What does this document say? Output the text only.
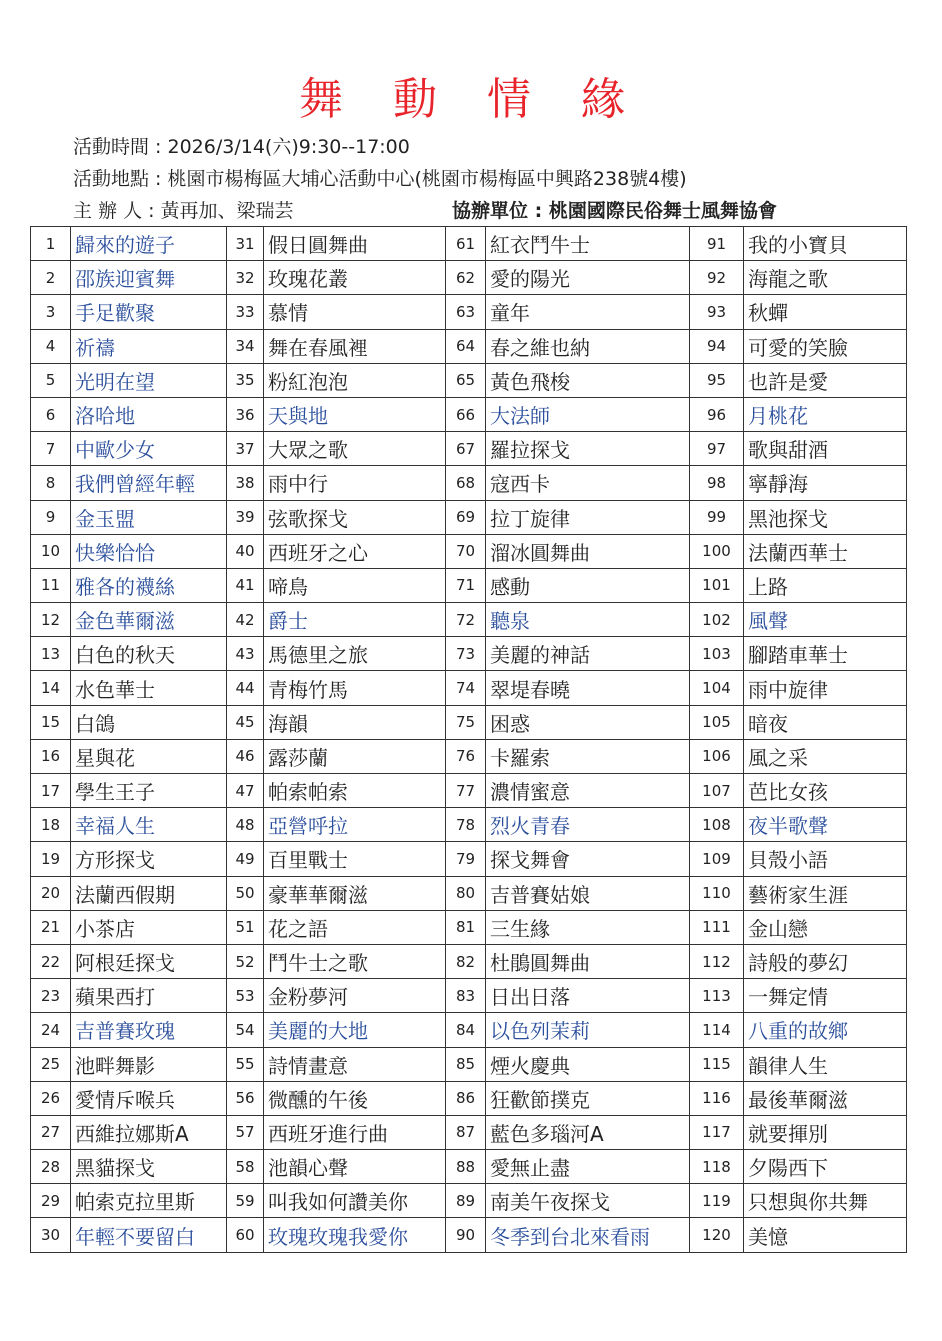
舞 動 情 緣
活動時間 : 2026/3/14(六)9:30--17:00
活動地點 : 桃園市楊梅區大埔心活動中心(桃園市楊梅區中興路238號4樓)
主 辦 人 : 黃再加、梁瑞芸	協辦單位 : 桃園國際民俗舞士風舞協會
1	歸來的遊子	31	假日圓舞曲	61	紅衣鬥牛士	91	我的小寶貝
2	邵族迎賓舞	32	玫瑰花叢	62	愛的陽光	92	海龍之歌
3	手足歡聚	33	慕情	63	童年	93	秋蟬
4	祈禱	34	舞在春風裡	64	春之維也納	94	可愛的笑臉
5	光明在望	35	粉紅泡泡	65	黃色飛梭	95	也許是愛
6	洛哈地	36	天與地	66	大法師	96	月桃花
7	中歐少女	37	大眾之歌	67	羅拉探戈	97	歌與甜酒
8	我們曾經年輕	38	雨中行	68	寇西卡	98	寧靜海
9	金玉盟	39	弦歌探戈	69	拉丁旋律	99	黑池探戈
10	快樂恰恰	40	西班牙之心	70	溜冰圓舞曲	100	法蘭西華士
11	雅各的襪絲	41	啼鳥	71	感動	101	上路
12	金色華爾滋	42	爵士	72	聽泉	102	風聲
13	白色的秋天	43	馬德里之旅	73	美麗的神話	103	腳踏車華士
14	水色華士	44	青梅竹馬	74	翠堤春曉	104	雨中旋律
15	白鴿	45	海韻	75	困惑	105	暗夜
16	星與花	46	露莎蘭	76	卡羅索	106	風之采
17	學生王子	47	帕索帕索	77	濃情蜜意	107	芭比女孩
18	幸福人生	48	亞營呼拉	78	烈火青春	108	夜半歌聲
19	方形探戈	49	百里戰士	79	探戈舞會	109	貝殼小語
20	法蘭西假期	50	豪華華爾滋	80	吉普賽姑娘	110	藝術家生涯
21	小茶店	51	花之語	81	三生緣	111	金山戀
22	阿根廷探戈	52	鬥牛士之歌	82	杜鵑圓舞曲	112	詩般的夢幻
23	蘋果西打	53	金粉夢河	83	日出日落	113	一舞定情
24	吉普賽玫瑰	54	美麗的大地	84	以色列茉莉	114	八重的故鄉
25	池畔舞影	55	詩情畫意	85	煙火慶典	115	韻律人生
26	愛情斥喉兵	56	微醺的午後	86	狂歡節撲克	116	最後華爾滋
27	西維拉娜斯A	57	西班牙進行曲	87	藍色多瑙河A	117	就要揮別
28	黑貓探戈	58	池韻心聲	88	愛無止盡	118	夕陽西下
29	帕索克拉里斯	59	叫我如何讚美你	89	南美午夜探戈	119	只想與你共舞
30	年輕不要留白	60	玫瑰玫瑰我愛你	90	冬季到台北來看雨	120	美憶
